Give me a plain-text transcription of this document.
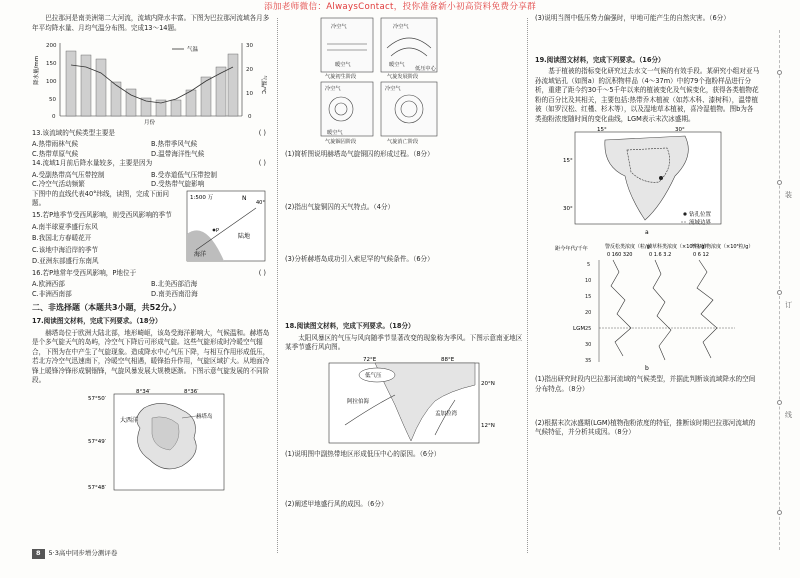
添加老师微信：AlwaysContact，投你准备新小初高资料免费分享群

巴拉那河是南美洲第二大河流，流域内降水丰富。下图为巴拉那河流域各月多年平均降水量、月均气温分布图。完成13～14题。

降水量/mm
200
150
100
50
0
30
20
10
0
气温/℃
月份
气温

13.该流域的气候类型主要是	( )

A.热带雨林气候	B.热带季风气候
C.热带草原气候	D.温带海洋性气候

14.流域1月前后降水量较多，主要是因为	( )

A.受副热带高气压带控制	B.受赤道低气压带控制
C.冷空气活动频繁	D.受热带气旋影响

下图中的直线代表40°纬线，读图，完成下面问题。

15.若P地季节受西风影响，则受西风影响的季节

A.南半球夏季盛行东风

B.我国北方春暖花开

C.该地中海沿岸的季节

D.亚洲东部盛行东南风

1:500 万
40°
P
海洋
陆地
N

16.若P地常年受西风影响，P地位于	( )

A.欧洲西部	B.北美西部沿海
C.非洲西南部	D.南美西南沿海
二、非选择题（本题共3小题，共52分。）

17.阅读图文材料，完成下列要求。（18分）

赫塔岛位于欧洲大陆北部，地形崎岖，该岛受海洋影响大，气候温和。赫塔岛是个多气旋天气的岛屿，冷空气下降后可形成气旋。这些气旋形成时冷暖空气辐合，下图为在中产生了气旋现象。造成降水中心气压下降，与相互作用形成低压，若北方冷空气迅速南下，冷暖空气相遇，暖锋抬升作用，气旋区域扩大。从地面冷锋上暖锋冷锋形成铜锢锋，气旋风暴发展大规模逐渐。下图示意气旋发展的不同阶段。

8°34′	8°36′
57°50′
57°49′
57°48′
大西洋	赫塔岛
冷空气
暖空气
冷空气
暖空气
低压中心
冷空气
暖空气
冷空气
气旋初生阶段	气旋发展阶段
气旋锢囚阶段	气旋消亡阶段

(1)简析图说明赫塔岛气旋铜囚的形成过程。（8分）

(2)指出气旋铜囚的天气特点。（4分）

(3)分析赫塔岛成功引入索尼罕的气候条件。（6分）

18.阅读图文材料，完成下列要求。（18分）

太阳风暴区的气压与风向随季节显著改变的现象称为季风。下图示意南亚地区某季节盛行风向图。

72°E	88°E
20°N
12°N
低气压
阿拉伯海
孟加拉湾

(1)说明图中副热带地区形成低压中心的原因。（6分）

(2)阐述甲地盛行风的成因。（6分）

(3)说明当图中低压势力偏强时，甲地可能产生的自然灾害。（6分）

19.阅读图文材料，完成下列要求。（16分）

基于植被的指标变化研究过去水文一气候的有效手段。某研究小组对亚马孙流域钻孔（如图a）的沉积物样品（4～37m）中的79个孢粉样品进行分析，重建了距今约30千～5千年以来的植被变化及气候变化，获得各类植物花粉的百分比及其相关，主要包括:热带乔木植被（如苏木科、漆树科），温带植被（如罗汉松、红槿、杉木等），以及湿地草本植被，喜冷湿植物。图b为各类孢粉浓度随时间的变化曲线，LGM表示末次冰盛期。

15°	30°
15°
30°
钻孔位置
流域边界
a

距今年代/千年	警反松类浓度（粒/g）
蕨草科类浓度（×10³粒/g）
草本植物浓度（×10³粒/g）
0 160 320	0 1.6 3.2	0 6 12
5
10
15
20
25
30
35
LGM
b

(1)指出研究时段内巴拉那河流域的气候类型，并据此判断该流域降水的空间分布特点。（8分）

(2)根据末次冰盛期(LGM)植物孢粉浓度的特征，推断该时期巴拉那河流域的气候特征，并分析其成因。（8分）

装
订
线
8	5·3高中同步增分测评卷
